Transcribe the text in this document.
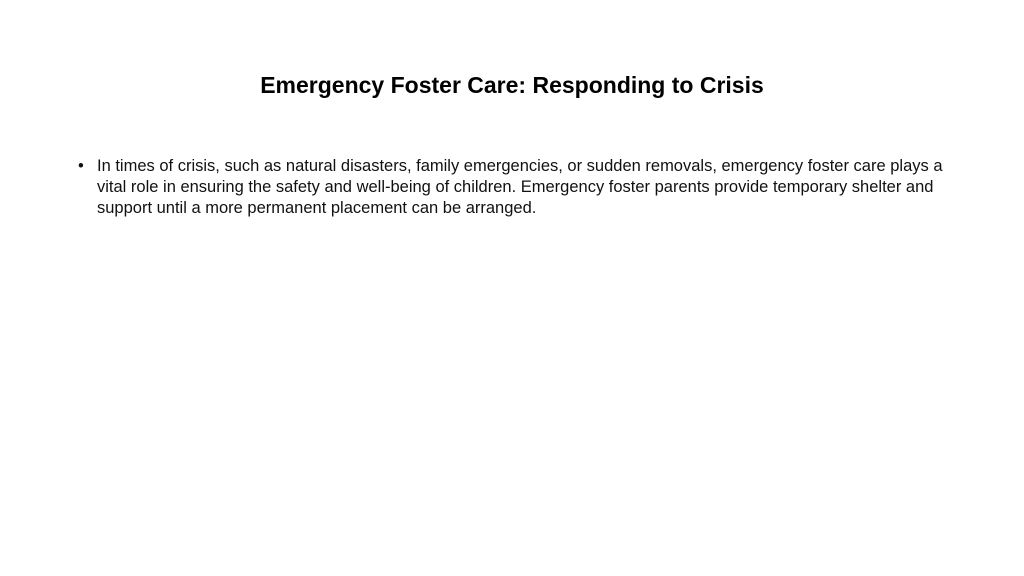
Emergency Foster Care: Responding to Crisis
• In times of crisis, such as natural disasters, family emergencies, or sudden removals, emergency foster care plays a vital role in ensuring the safety and well-being of children. Emergency foster parents provide temporary shelter and support until a more permanent placement can be arranged.
